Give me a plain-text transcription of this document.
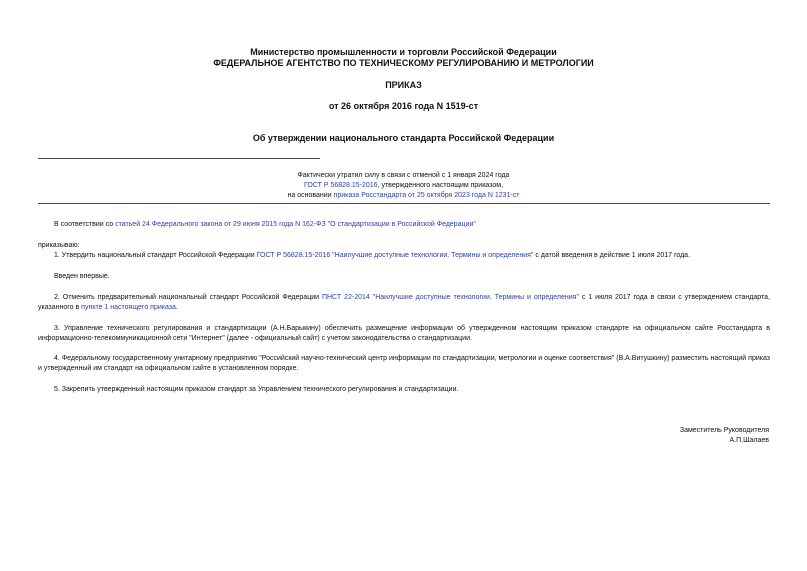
Министерство промышленности и торговли Российской Федерации
ФЕДЕРАЛЬНОЕ АГЕНТСТВО ПО ТЕХНИЧЕСКОМУ РЕГУЛИРОВАНИЮ И МЕТРОЛОГИИ
ПРИКАЗ
от 26 октября 2016 года N 1519-ст
Об утверждении национального стандарта Российской Федерации
Фактически утратил силу в связи с отменой с 1 января 2024 года
ГОСТ Р 56828.15-2016, утвержденного настоящим приказом,
на основании приказа Росстандарта от 25 октября 2023 года N 1231-ст
В соответствии со статьей 24 Федерального закона от 29 июня 2015 года N 162-ФЗ "О стандартизации в Российской Федерации"
приказываю:
1. Утвердить национальный стандарт Российской Федерации ГОСТ Р 56828.15-2016 "Наилучшие доступные технологии. Термины и определения" с датой введения в действие 1 июля 2017 года.
Введен впервые.
2. Отменить предварительный национальный стандарт Российской Федерации ПНСТ 22-2014 "Наилучшие доступные технологии. Термины и определения" с 1 июля 2017 года в связи с утверждением стандарта, указанного в пункте 1 настоящего приказа.
3. Управление технического регулирования и стандартизации (А.Н.Барыкину) обеспечить размещение информации об утвержденном настоящим приказом стандарте на официальном сайте Росстандарта в информационно-телекоммуникационной сети "Интернет" (далее - официальный сайт) с учетом законодательства о стандартизации.
4. Федеральному государственному унитарному предприятию "Российский научно-технический центр информации по стандартизации, метрологии и оценке соответствия" (В.А.Витушкину) разместить настоящий приказ и утвержденный им стандарт на официальном сайте в установленном порядке.
5. Закрепить утвержденный настоящим приказом стандарт за Управлением технического регулирования и стандартизации.
Заместитель Руководителя
А.П.Шалаев
